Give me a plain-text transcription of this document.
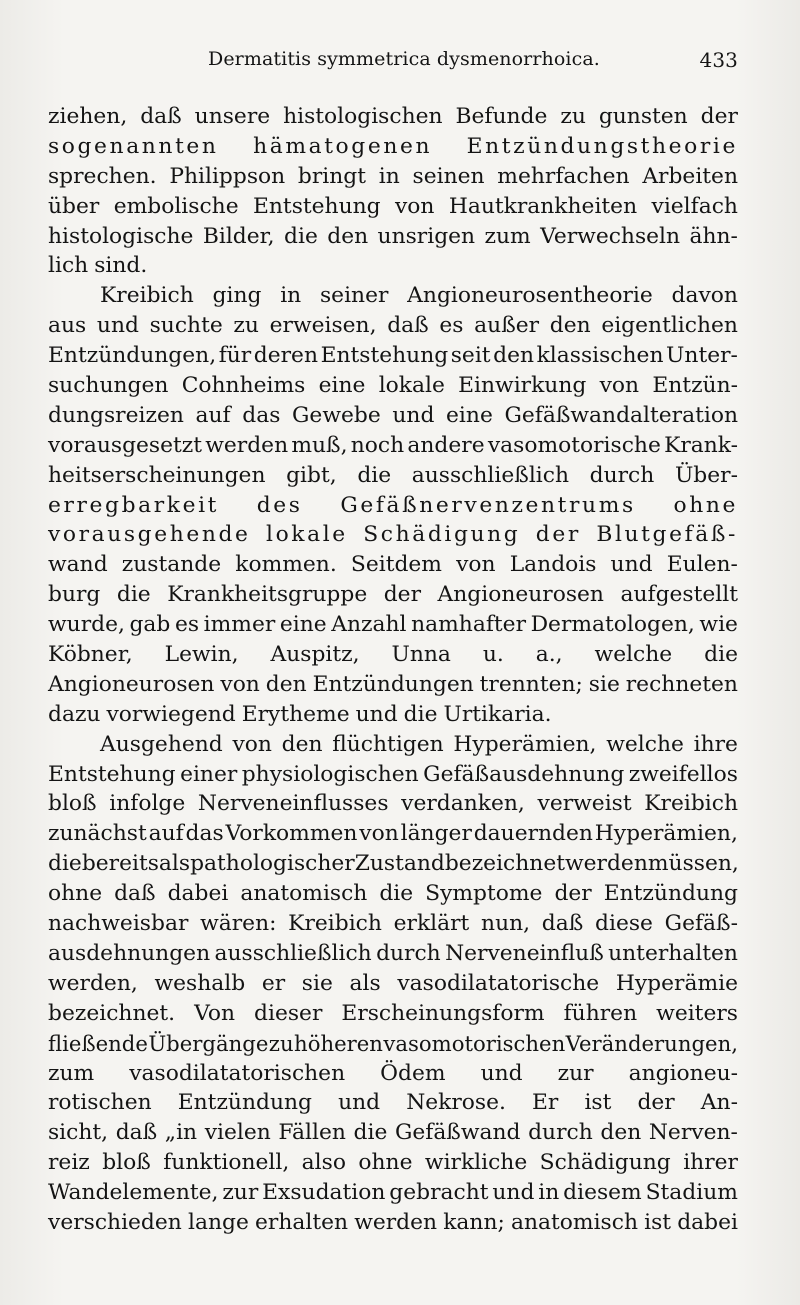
Dermatitis symmetrica dysmenorrhoica.	433
ziehen, daß unsere histologischen Befunde zu gunsten der
sogenannten hämatogenen Entzündungstheorie
sprechen. Philippson bringt in seinen mehrfachen Arbeiten
über embolische Entstehung von Hautkrankheiten vielfach
histologische Bilder, die den unsrigen zum Verwechseln ähn-
lich sind.
Kreibich ging in seiner Angioneurosentheorie davon
aus und suchte zu erweisen, daß es außer den eigentlichen
Entzündungen, für deren Entstehung seit den klassischen Unter-
suchungen Cohnheims eine lokale Einwirkung von Entzün-
dungsreizen auf das Gewebe und eine Gefäßwandalteration
vorausgesetzt werden muß, noch andere vasomotorische Krank-
heitserscheinungen gibt, die ausschließlich durch Über-
erregbarkeit des Gefäßnervenzentrums ohne
vorausgehende lokale Schädigung der Blutgefäß-
wand zustande kommen. Seitdem von Landois und Eulen-
burg die Krankheitsgruppe der Angioneurosen aufgestellt
wurde, gab es immer eine Anzahl namhafter Dermatologen, wie
Köbner, Lewin, Auspitz, Unna u. a., welche die
Angioneurosen von den Entzündungen trennten; sie rechneten
dazu vorwiegend Erytheme und die Urtikaria.
Ausgehend von den flüchtigen Hyperämien, welche ihre
Entstehung einer physiologischen Gefäßausdehnung zweifellos
bloß infolge Nerveneinflusses verdanken, verweist Kreibich
zunächst auf das Vorkommen von länger dauernden Hyperämien,
die bereits als pathologischer Zustand bezeichnet werden müssen,
ohne daß dabei anatomisch die Symptome der Entzündung
nachweisbar wären: Kreibich erklärt nun, daß diese Gefäß-
ausdehnungen ausschließlich durch Nerveneinfluß unterhalten
werden, weshalb er sie als vasodilatatorische Hyperämie
bezeichnet. Von dieser Erscheinungsform führen weiters
fließende Übergänge zu höheren vasomotorischen Veränderungen,
zum vasodilatatorischen Ödem und zur angioneu-
rotischen Entzündung und Nekrose. Er ist der An-
sicht, daß „in vielen Fällen die Gefäßwand durch den Nerven-
reiz bloß funktionell, also ohne wirkliche Schädigung ihrer
Wandelemente, zur Exsudation gebracht und in diesem Stadium
verschieden lange erhalten werden kann; anatomisch ist dabei
